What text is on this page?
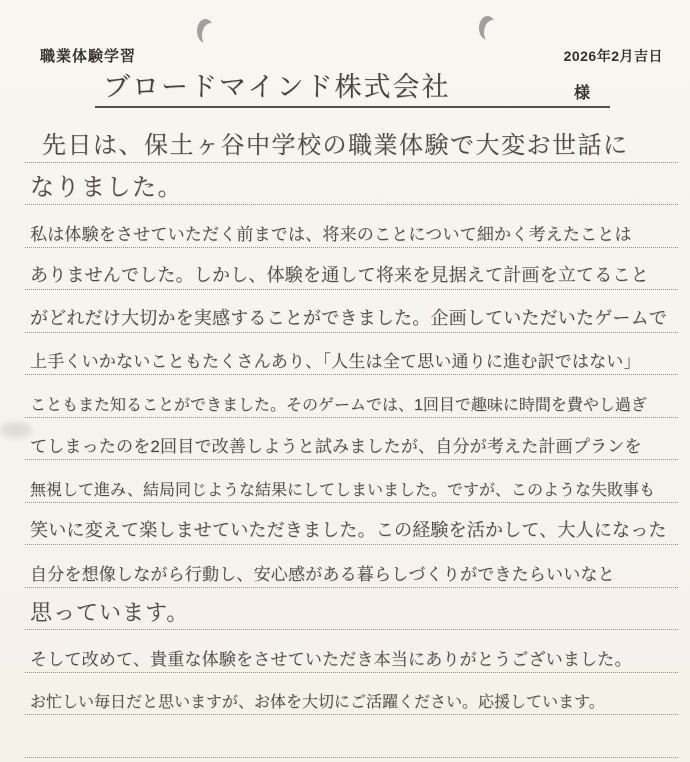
職業体験学習	2026年2月吉日
ブロードマインド株式会社	様
先日は、保土ヶ谷中学校の職業体験で大変お世話に
なりました。
私は体験をさせていただく前までは、将来のことについて細かく考えたことは
ありませんでした。しかし、体験を通して将来を見据えて計画を立てること
がどれだけ大切かを実感することができました。企画していただいたゲームで
上手くいかないこともたくさんあり、「人生は全て思い通りに進む訳ではない」
こともまた知ることができました。そのゲームでは、1回目で趣味に時間を費やし過ぎ
てしまったのを2回目で改善しようと試みましたが、自分が考えた計画プランを
無視して進み、結局同じような結果にしてしまいました。ですが、このような失敗事も
笑いに変えて楽しませていただきました。この経験を活かして、大人になった
自分を想像しながら行動し、安心感がある暮らしづくりができたらいいなと
思っています。
そして改めて、貴重な体験をさせていただき本当にありがとうございました。
お忙しい毎日だと思いますが、お体を大切にご活躍ください。応援しています。
